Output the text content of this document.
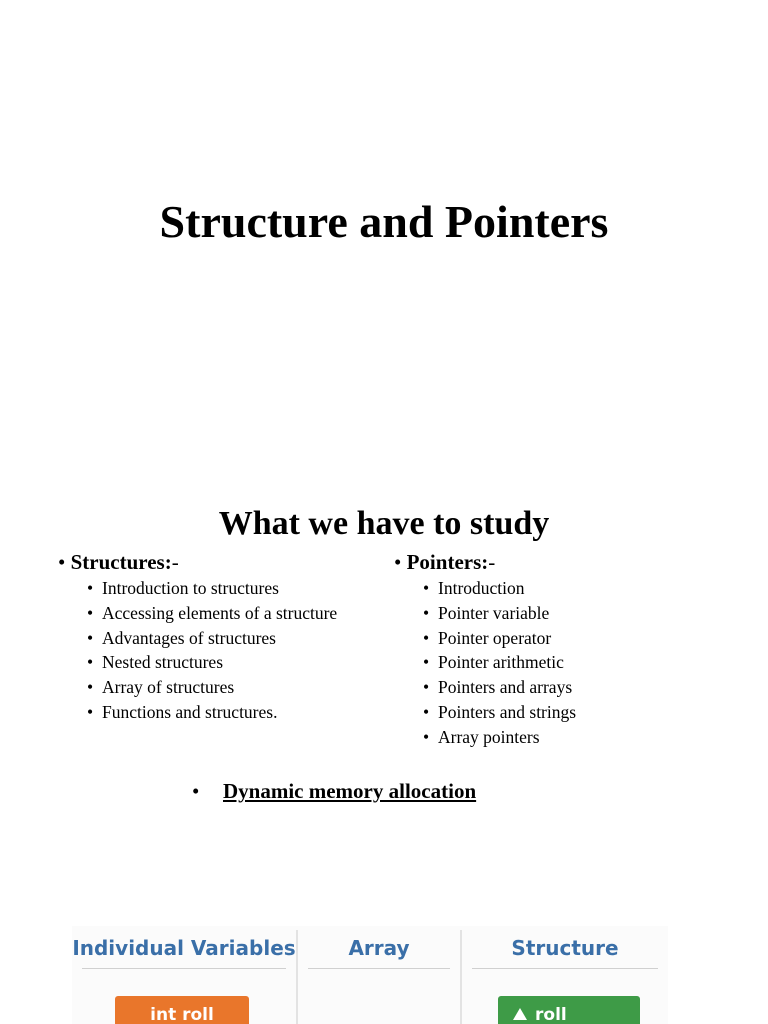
Structure and Pointers
What we have to study
• Structures:-
• Introduction to structures
• Accessing elements of a structure
• Advantages of structures
• Nested structures
• Array of structures
• Functions and structures.
• Pointers:-
• Introduction
• Pointer variable
• Pointer operator
• Pointer arithmetic
• Pointers and arrays
• Pointers and strings
• Array pointers
• Dynamic memory allocation
Individual Variables
int roll
Array	Structure
roll
